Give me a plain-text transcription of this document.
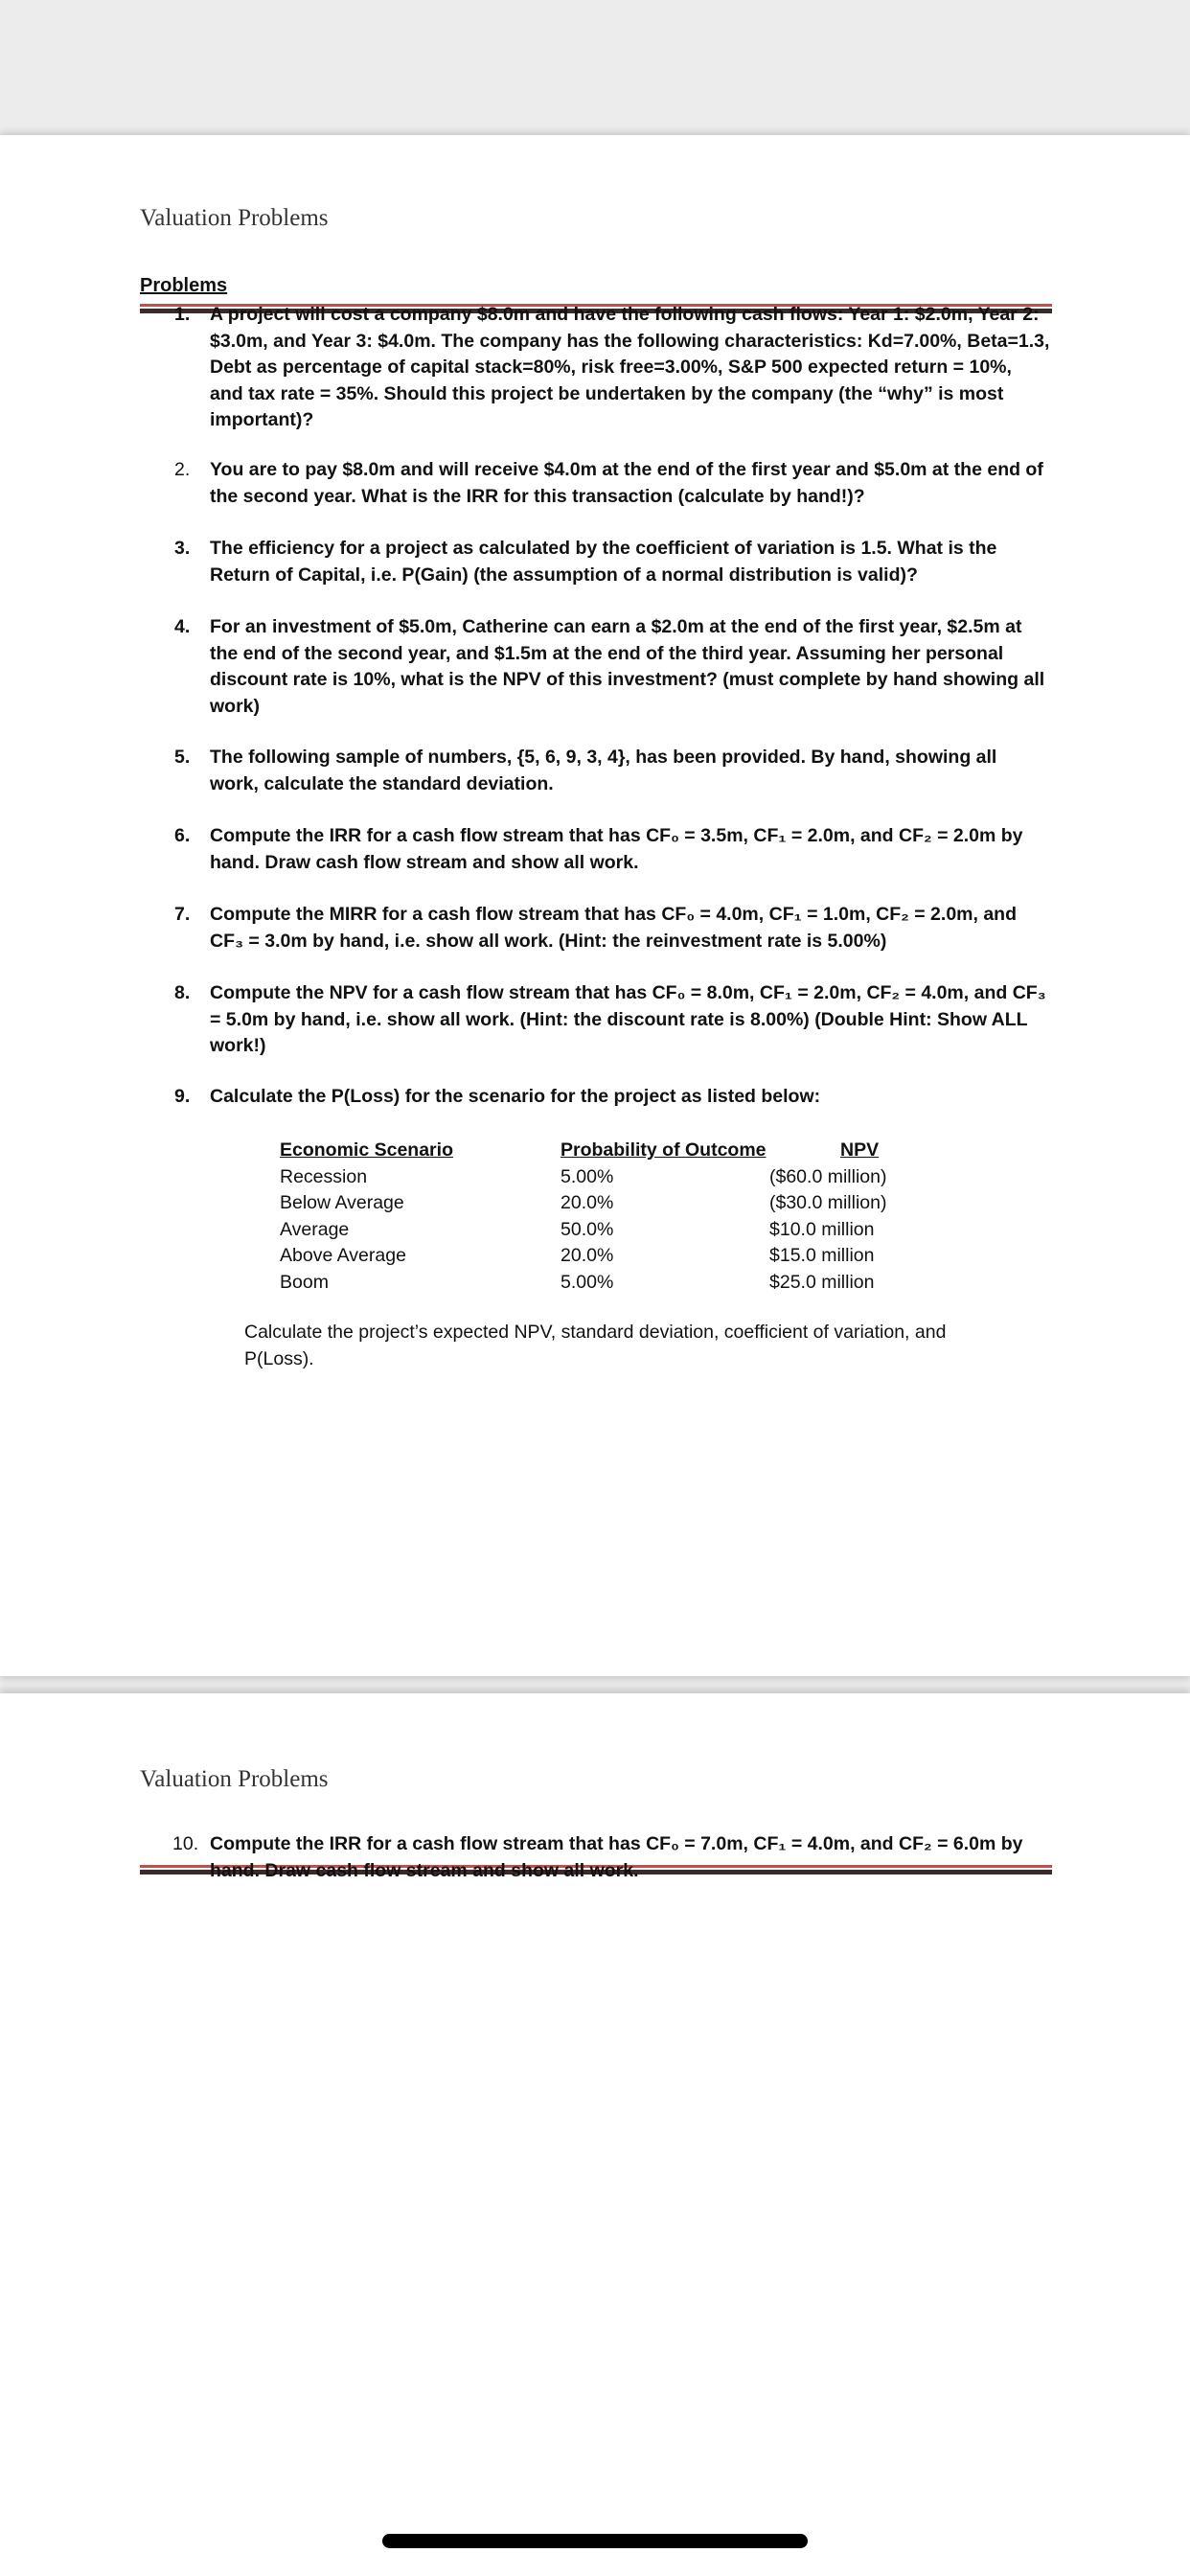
Valuation Problems

Problems

1. A project will cost a company $8.0m and have the following cash flows: Year 1: $2.0m, Year 2: $3.0m, and Year 3: $4.0m. The company has the following characteristics: Kd=7.00%, Beta=1.3, Debt as percentage of capital stack=80%, risk free=3.00%, S&P 500 expected return = 10%, and tax rate = 35%. Should this project be undertaken by the company (the “why” is most important)?
2. You are to pay $8.0m and will receive $4.0m at the end of the first year and $5.0m at the end of the second year. What is the IRR for this transaction (calculate by hand!)?
3. The efficiency for a project as calculated by the coefficient of variation is 1.5. What is the Return of Capital, i.e. P(Gain) (the assumption of a normal distribution is valid)?
4. For an investment of $5.0m, Catherine can earn a $2.0m at the end of the first year, $2.5m at the end of the second year, and $1.5m at the end of the third year. Assuming her personal discount rate is 10%, what is the NPV of this investment? (must complete by hand showing all work)
5. The following sample of numbers, {5, 6, 9, 3, 4}, has been provided. By hand, showing all work, calculate the standard deviation.
6. Compute the IRR for a cash flow stream that has CF₀ = 3.5m, CF₁ = 2.0m, and CF₂ = 2.0m by hand. Draw cash flow stream and show all work.
7. Compute the MIRR for a cash flow stream that has CF₀ = 4.0m, CF₁ = 1.0m, CF₂ = 2.0m, and CF₃ = 3.0m by hand, i.e. show all work. (Hint: the reinvestment rate is 5.00%)
8. Compute the NPV for a cash flow stream that has CF₀ = 8.0m, CF₁ = 2.0m, CF₂ = 4.0m, and CF₃ = 5.0m by hand, i.e. show all work. (Hint: the discount rate is 8.00%) (Double Hint: Show ALL work!)
9. Calculate the P(Loss) for the scenario for the project as listed below:
Economic Scenario	Probability of Outcome	NPV
Recession	5.00%	($60.0 million)
Below Average	20.0%	($30.0 million)
Average	50.0%	$10.0 million
Above Average	20.0%	$15.0 million
Boom	5.00%	$25.0 million

Calculate the project’s expected NPV, standard deviation, coefficient of variation, and P(Loss).

Valuation Problems

10. Compute the IRR for a cash flow stream that has CF₀ = 7.0m, CF₁ = 4.0m, and CF₂ = 6.0m by hand. Draw cash flow stream and show all work.
